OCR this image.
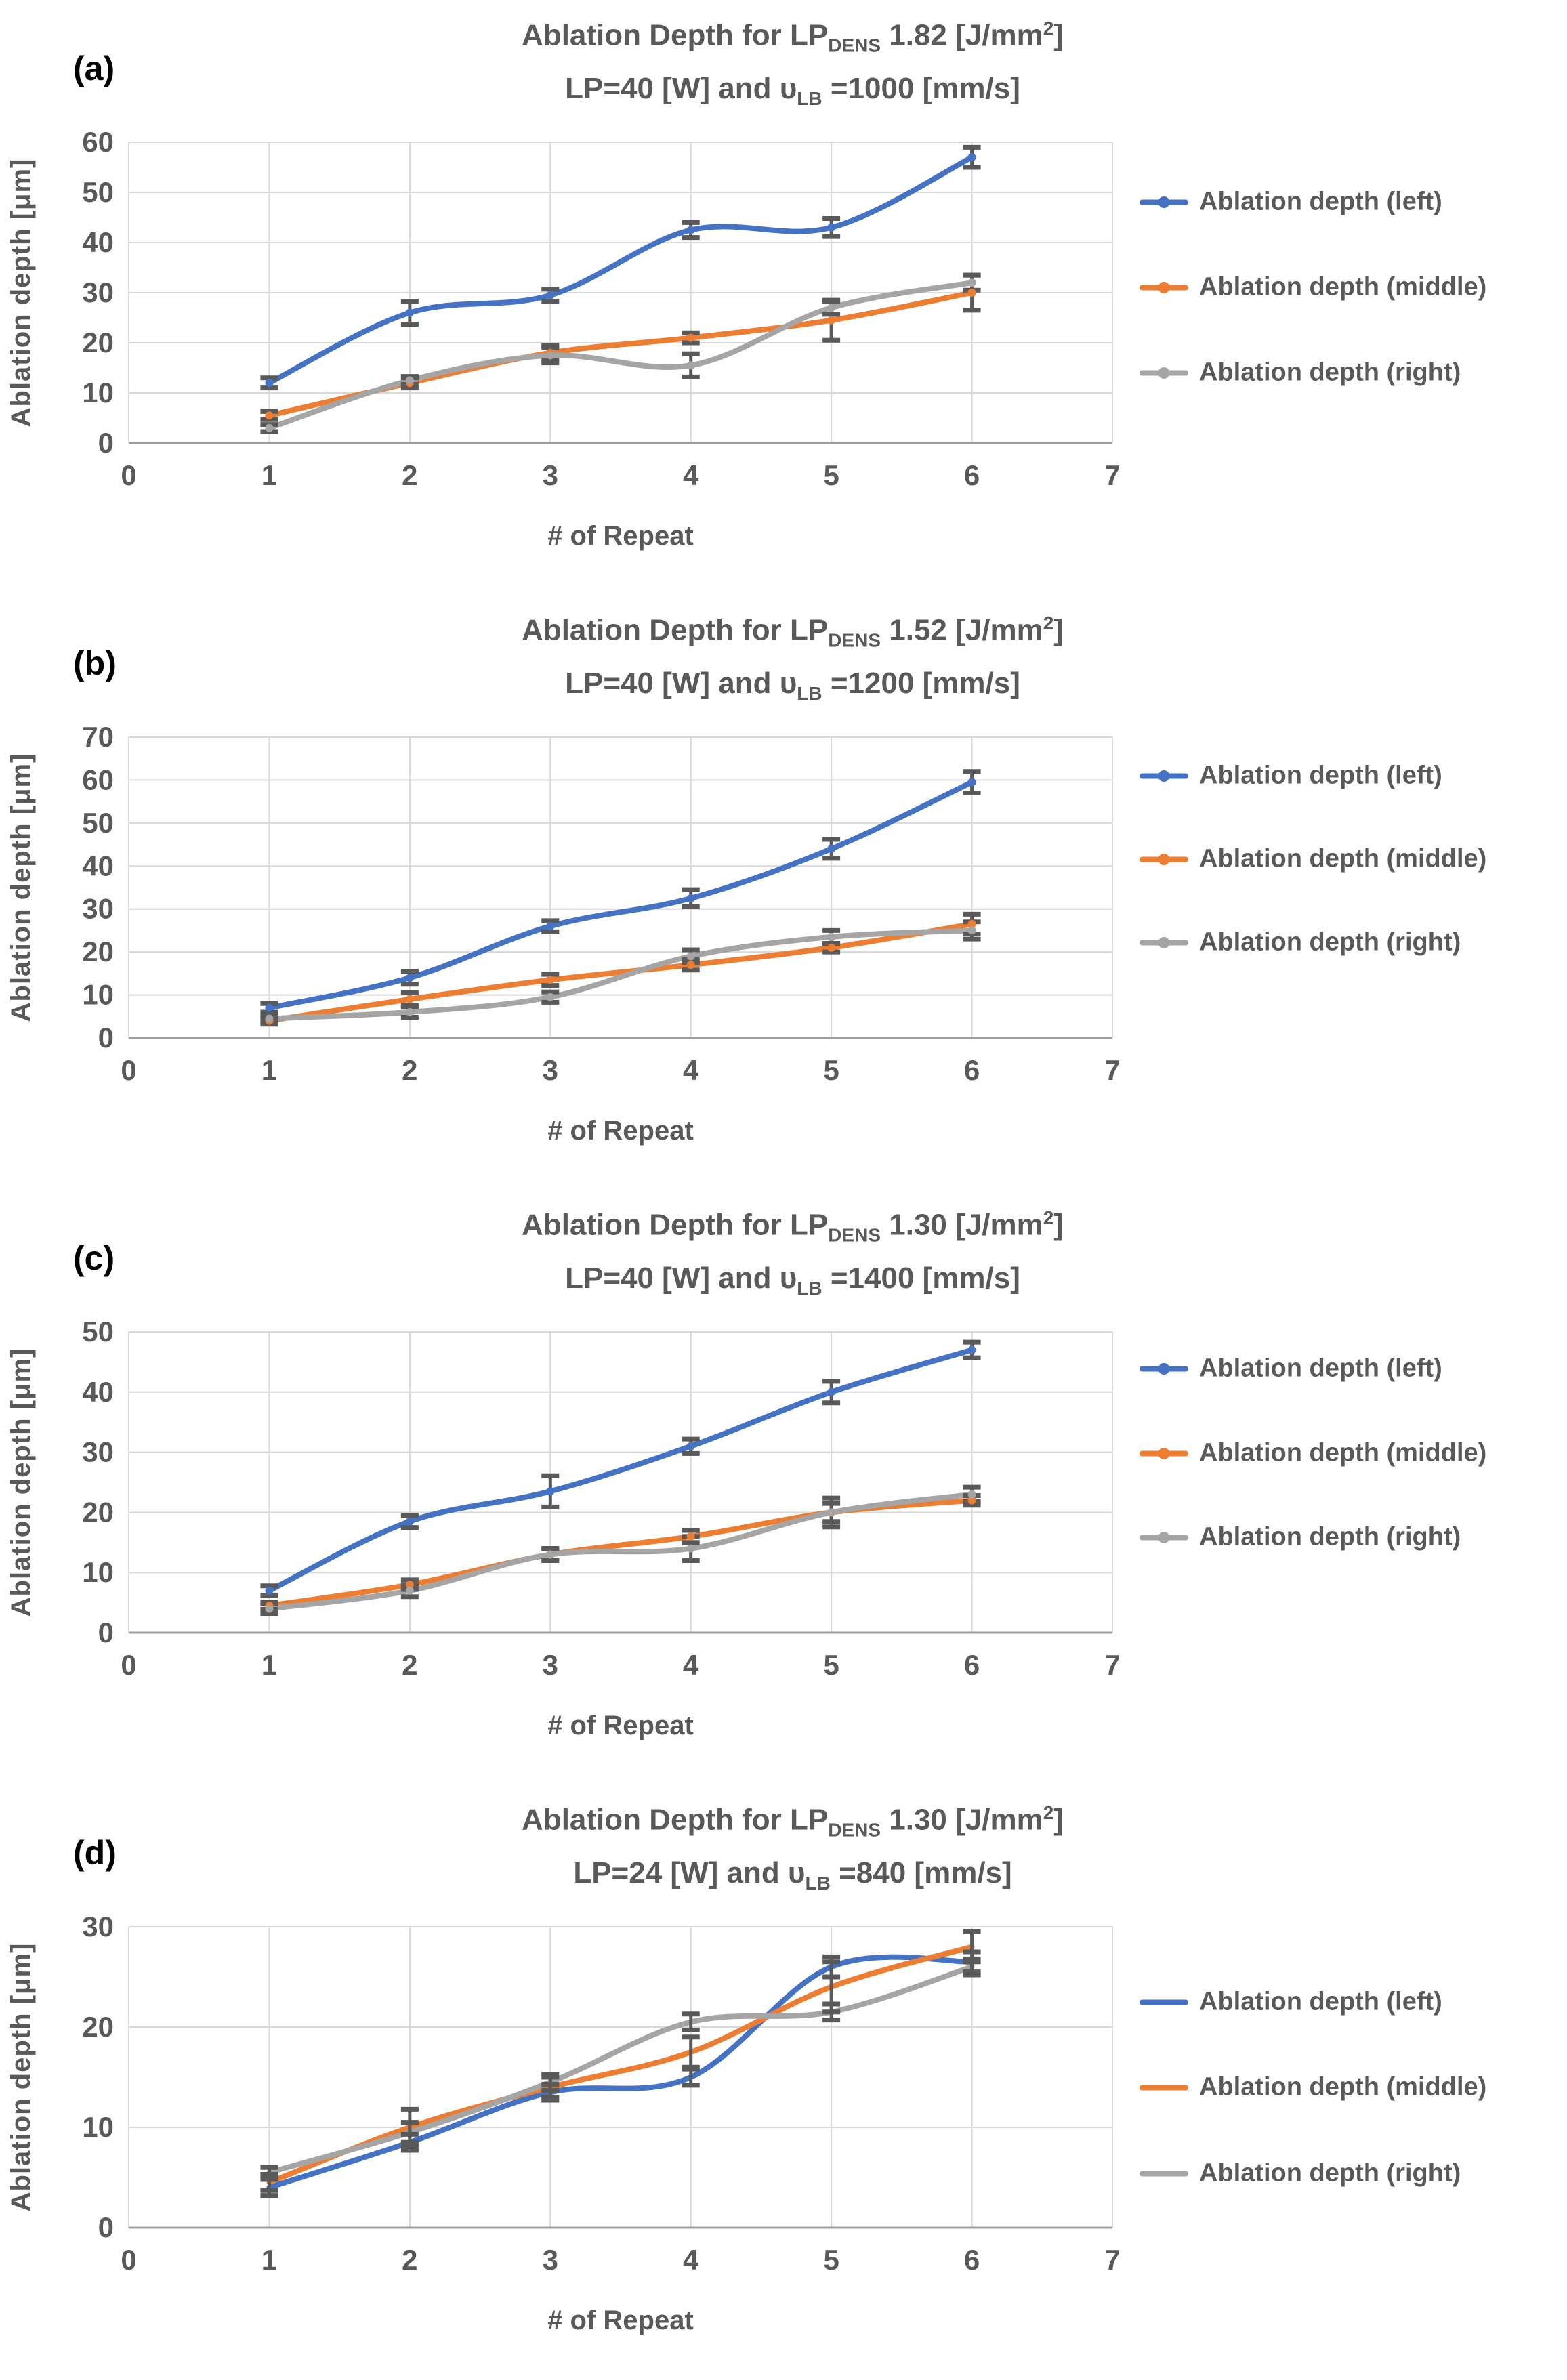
(a)
Ablation Depth for $LP_{DENS}$ 1.82 $[J/mm^2]$
LP=40 [W] and $\upsilon_{LB} =1000$ [mm/s]
0
10
20
30
40
50
60
0	1	2	3	4	5	6	7
# of Repeat
Ablation depth [μm]	Ablation depth (left)
Ablation depth (middle)
Ablation depth (right)
(b)
Ablation Depth for $LP_{DENS}$ 1.52 $[J/mm^2]$
LP=40 [W] and $\upsilon_{LB} =1200$ [mm/s]
0
10
20
30
40
50
60
70
0	1	2	3	4	5	6	7
# of Repeat
Ablation depth [μm]	Ablation depth (left)
Ablation depth (middle)
Ablation depth (right)
(c)
Ablation Depth for $LP_{DENS}$ 1.30 $[J/mm^2]$
LP=40 [W] and $\upsilon_{LB} =1400$ [mm/s]
0
10
20
30
40
50
0	1	2	3	4	5	6	7
# of Repeat
Ablation depth [μm]	Ablation depth (left)
Ablation depth (middle)
Ablation depth (right)
(d)
Ablation Depth for $LP_{DENS}$ 1.30 $[J/mm^2]$
LP=24 [W] and $\upsilon_{LB} =840$ [mm/s]
0
10
20
30
0	1	2	3	4	5	6	7
# of Repeat
Ablation depth [μm]	Ablation depth (left)
Ablation depth (middle)
Ablation depth (right)
